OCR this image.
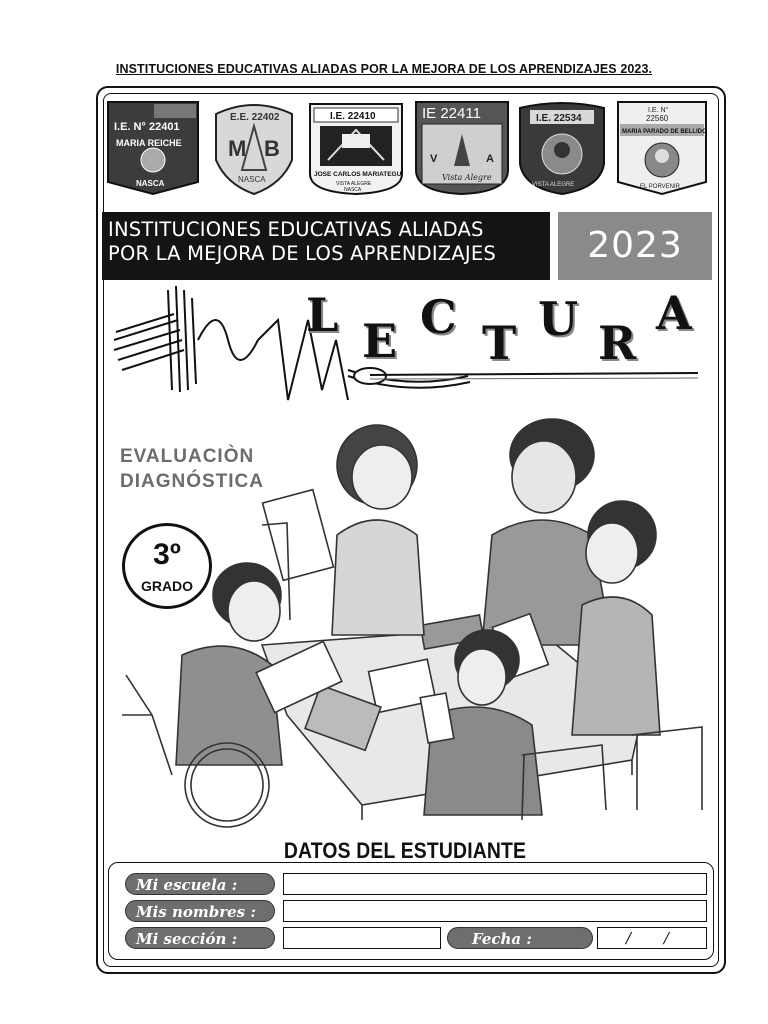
INSTITUCIONES EDUCATIVAS ALIADAS POR LA MEJORA DE LOS APRENDIZAJES 2023.
I.E. N° 22401
MARIA REICHE
NASCA
E.E. 22402
M B
NASCA
I.E. 22410
JOSE CARLOS MARIATEGUI
VISTA ALEGRE
NASCA
IE 22411
V	A
Vista Alegre
I.E. 22534
VISTA ALEGRE
I.E. N°
22560
MARIA PARADO DE BELLIDO
EL PORVENIR
INSTITUCIONES EDUCATIVAS ALIADAS
POR LA MEJORA DE LOS APRENDIZAJES	2023
L E C T U R
A
EVALUACIÒN
DIAGNÓSTICA
3º
GRADO
DATOS DEL ESTUDIANTE
Mi escuela :
Mis nombres :
Mi sección :	Fecha :	/ /
